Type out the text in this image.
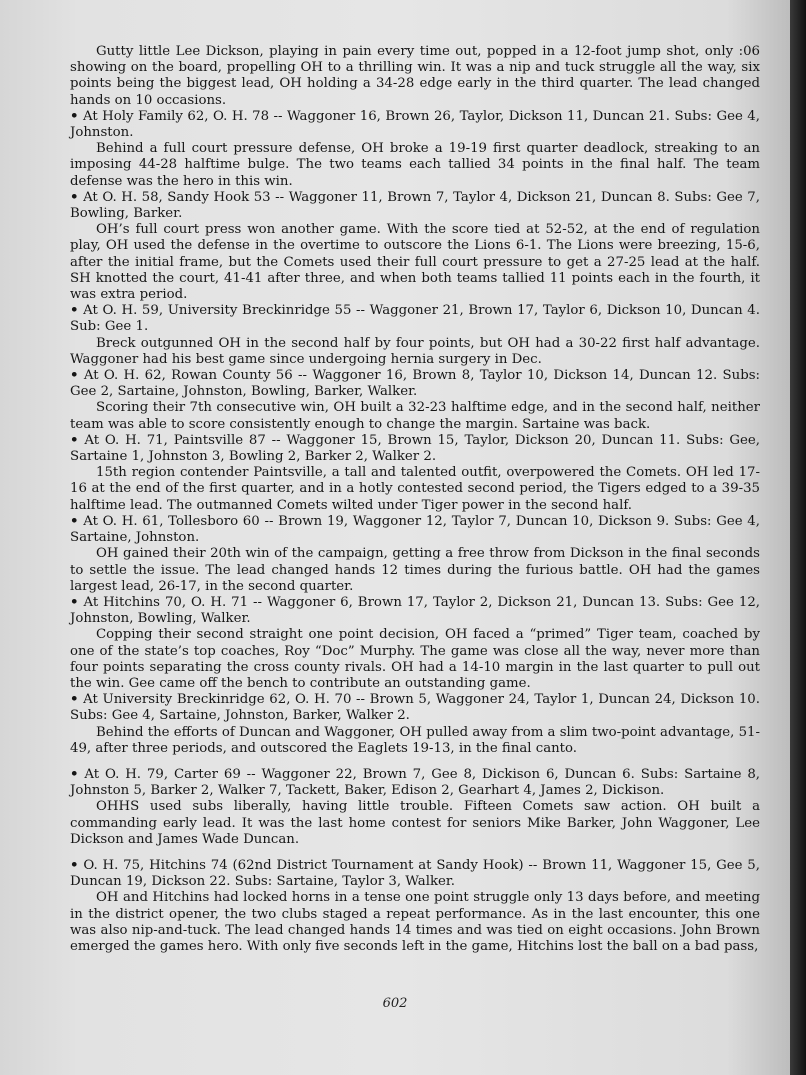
Gutty little Lee Dickson, playing in pain every time out, popped in a 12-foot jump shot, only :06 showing on the board, propelling OH to a thrilling win. It was a nip and tuck struggle all the way, six points being the biggest lead, OH holding a 34-28 edge early in the third quarter. The lead changed hands on 10 occasions.

• At Holy Family 62, O. H. 78 -- Waggoner 16, Brown 26, Taylor, Dickson 11, Duncan 21. Subs: Gee 4, Johnston.

Behind a full court pressure defense, OH broke a 19-19 first quarter deadlock, streaking to an imposing 44-28 halftime bulge. The two teams each tallied 34 points in the final half. The team defense was the hero in this win.

• At O. H. 58, Sandy Hook 53 -- Waggoner 11, Brown 7, Taylor 4, Dickson 21, Duncan 8. Subs: Gee 7, Bowling, Barker.

OH’s full court press won another game. With the score tied at 52-52, at the end of regulation play, OH used the defense in the overtime to outscore the Lions 6-1. The Lions were breezing, 15-6, after the initial frame, but the Comets used their full court pressure to get a 27-25 lead at the half. SH knotted the court, 41-41 after three, and when both teams tallied 11 points each in the fourth, it was extra period.

• At O. H. 59, University Breckinridge 55 -- Waggoner 21, Brown 17, Taylor 6, Dickson 10, Duncan 4. Sub: Gee 1.

Breck outgunned OH in the second half by four points, but OH had a 30-22 first half advantage. Waggoner had his best game since undergoing hernia surgery in Dec.

• At O. H. 62, Rowan County 56 -- Waggoner 16, Brown 8, Taylor 10, Dickson 14, Duncan 12. Subs: Gee 2, Sartaine, Johnston, Bowling, Barker, Walker.

Scoring their 7th consecutive win, OH built a 32-23 halftime edge, and in the second half, neither team was able to score consistently enough to change the margin. Sartaine was back.

• At O. H. 71, Paintsville 87 -- Waggoner 15, Brown 15, Taylor, Dickson 20, Duncan 11. Subs: Gee, Sartaine 1, Johnston 3, Bowling 2, Barker 2, Walker 2.

15th region contender Paintsville, a tall and talented outfit, overpowered the Comets. OH led 17-16 at the end of the first quarter, and in a hotly contested second period, the Tigers edged to a 39-35 halftime lead. The outmanned Comets wilted under Tiger power in the second half.

• At O. H. 61, Tollesboro 60 -- Brown 19, Waggoner 12, Taylor 7, Duncan 10, Dickson 9. Subs: Gee 4, Sartaine, Johnston.

OH gained their 20th win of the campaign, getting a free throw from Dickson in the final seconds to settle the issue. The lead changed hands 12 times during the furious battle. OH had the games largest lead, 26-17, in the second quarter.

• At Hitchins 70, O. H. 71 -- Waggoner 6, Brown 17, Taylor 2, Dickson 21, Duncan 13. Subs: Gee 12, Johnston, Bowling, Walker.

Copping their second straight one point decision, OH faced a “primed” Tiger team, coached by one of the state’s top coaches, Roy “Doc” Murphy. The game was close all the way, never more than four points separating the cross county rivals. OH had a 14-10 margin in the last quarter to pull out the win. Gee came off the bench to contribute an outstanding game.

• At University Breckinridge 62, O. H. 70 -- Brown 5, Waggoner 24, Taylor 1, Duncan 24, Dickson 10. Subs: Gee 4, Sartaine, Johnston, Barker, Walker 2.

Behind the efforts of Duncan and Waggoner, OH pulled away from a slim two-point advantage, 51-49, after three periods, and outscored the Eaglets 19-13, in the final canto.

• At O. H. 79, Carter 69 -- Waggoner 22, Brown 7, Gee 8, Dickison 6, Duncan 6. Subs: Sartaine 8, Johnston 5, Barker 2, Walker 7, Tackett, Baker, Edison 2, Gearhart 4, James 2, Dickison.

OHHS used subs liberally, having little trouble. Fifteen Comets saw action. OH built a commanding early lead. It was the last home contest for seniors Mike Barker, John Waggoner, Lee Dickson and James Wade Duncan.

• O. H. 75, Hitchins 74 (62nd District Tournament at Sandy Hook) -- Brown 11, Waggoner 15, Gee 5, Duncan 19, Dickson 22. Subs: Sartaine, Taylor 3, Walker.

OH and Hitchins had locked horns in a tense one point struggle only 13 days before, and meeting in the district opener, the two clubs staged a repeat performance. As in the last encounter, this one was also nip-and-tuck. The lead changed hands 14 times and was tied on eight occasions. John Brown emerged the games hero. With only five seconds left in the game, Hitchins lost the ball on a bad pass,

602
